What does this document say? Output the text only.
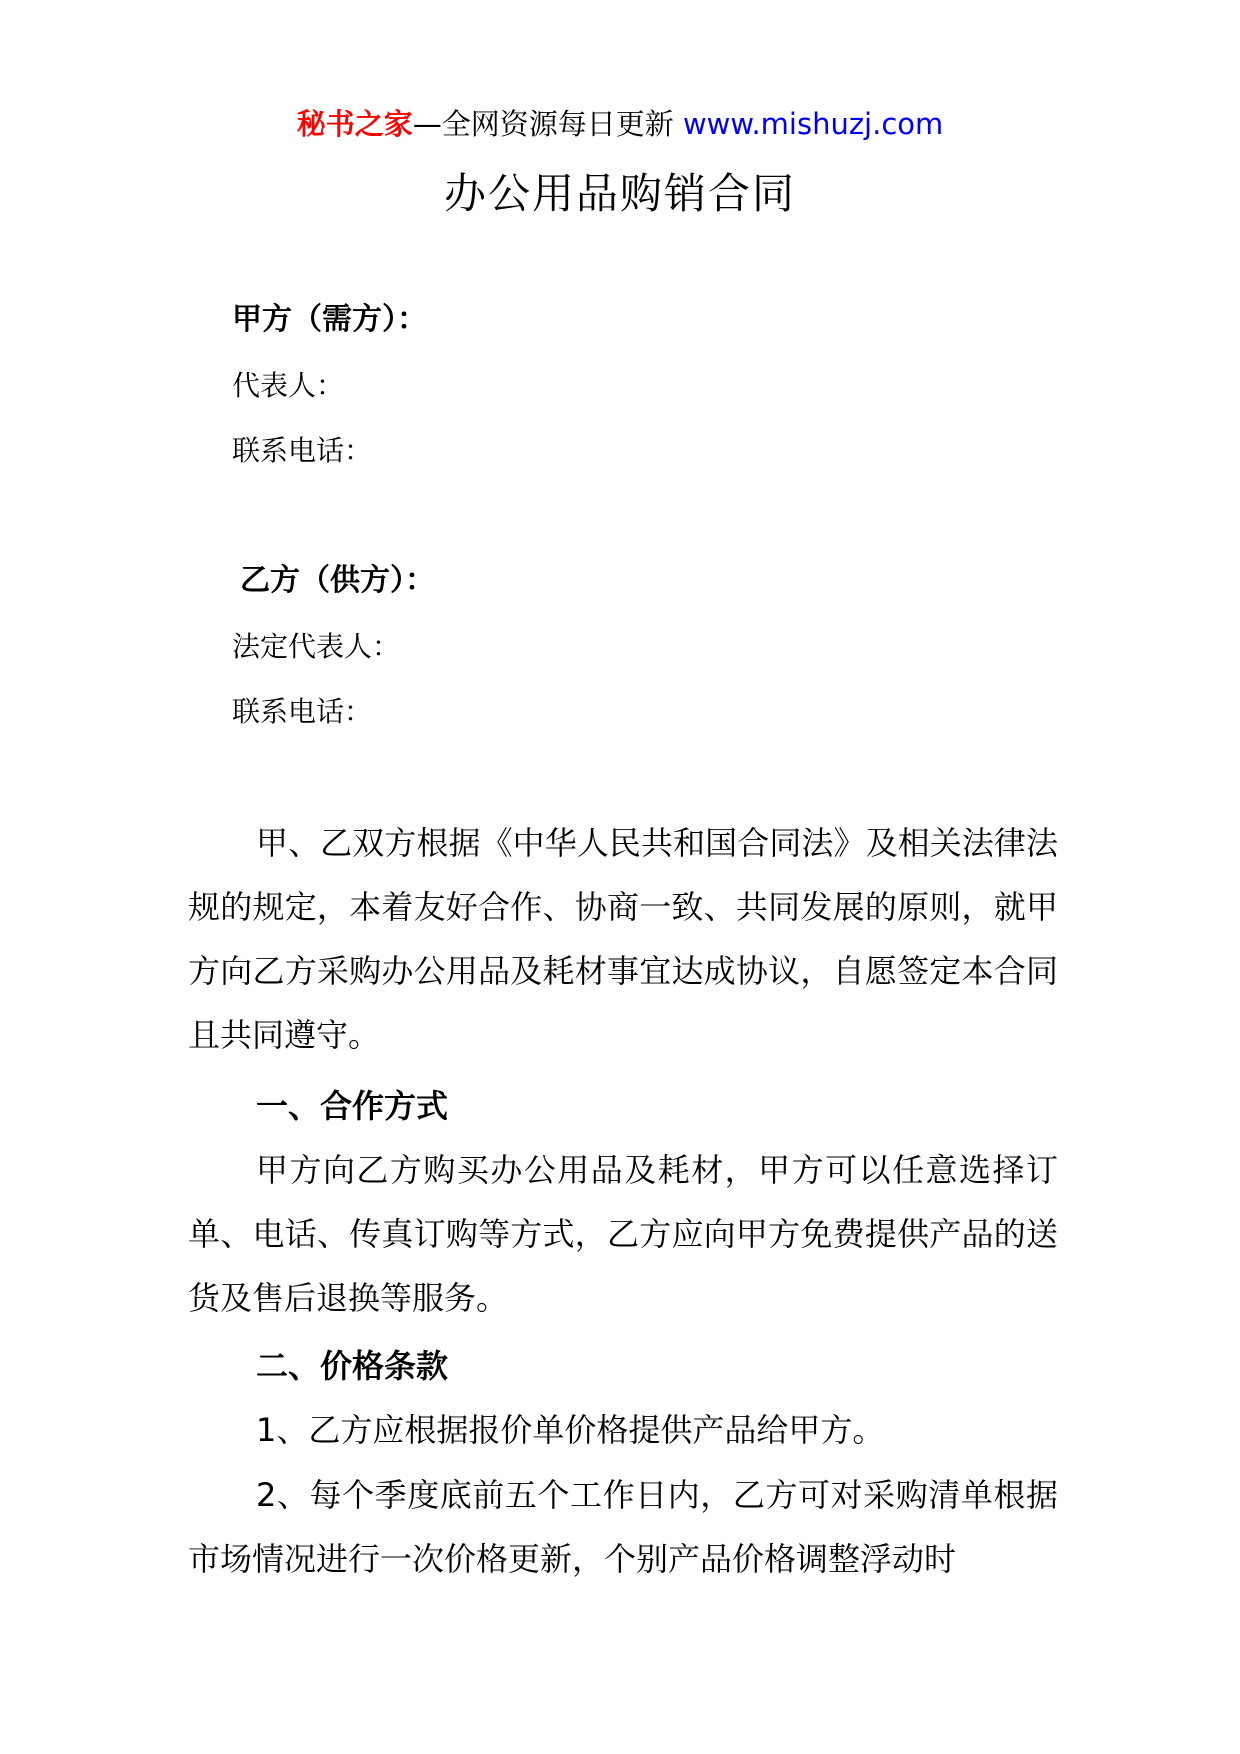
秘书之家—全网资源每日更新 www.mishuzj.com
办公用品购销合同
甲方（需方）：
代表人：
联系电话：
乙方（供方）：
法定代表人：
联系电话：

甲、乙双方根据《中华人民共和国合同法》及相关法律法规的规定，本着友好合作、协商一致、共同发展的原则，就甲方向乙方采购办公用品及耗材事宜达成协议，自愿签定本合同且共同遵守。

一、合作方式

甲方向乙方购买办公用品及耗材，甲方可以任意选择订单、电话、传真订购等方式，乙方应向甲方免费提供产品的送货及售后退换等服务。

二、价格条款

1、乙方应根据报价单价格提供产品给甲方。

2、每个季度底前五个工作日内，乙方可对采购清单根据市场情况进行一次价格更新，个别产品价格调整浮动时
